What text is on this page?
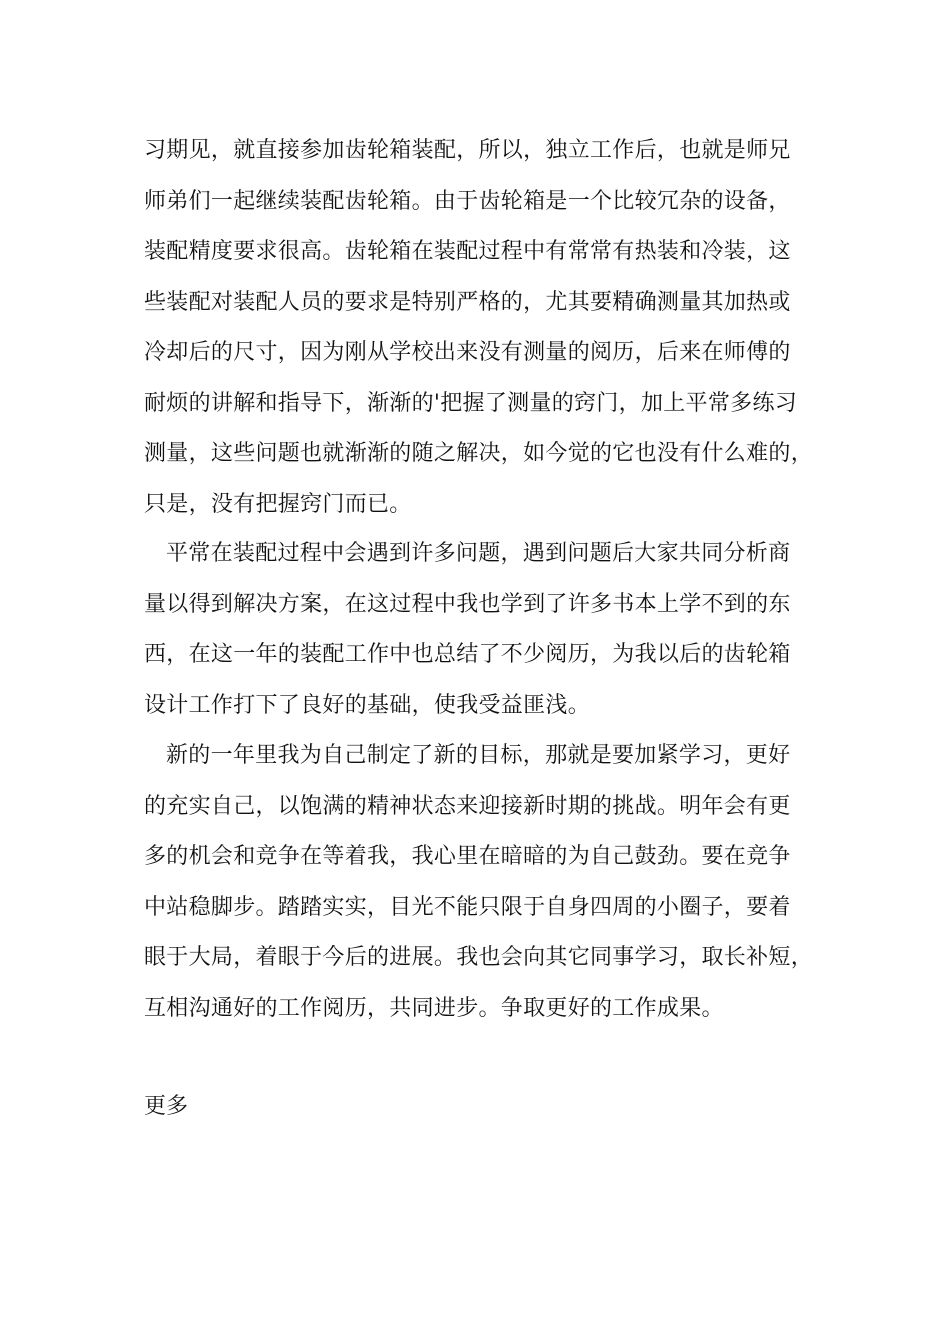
习期见，就直接参加齿轮箱装配，所以，独立工作后，也就是师兄
师弟们一起继续装配齿轮箱。由于齿轮箱是一个比较冗杂的设备，
装配精度要求很高。齿轮箱在装配过程中有常常有热装和冷装，这
些装配对装配人员的要求是特别严格的，尤其要精确测量其加热或
冷却后的尺寸，因为刚从学校出来没有测量的阅历，后来在师傅的
耐烦的讲解和指导下，渐渐的'把握了测量的窍门，加上平常多练习
测量，这些问题也就渐渐的随之解决，如今觉的它也没有什么难的，
只是，没有把握窍门而已。
平常在装配过程中会遇到许多问题，遇到问题后大家共同分析商
量以得到解决方案，在这过程中我也学到了许多书本上学不到的东
西，在这一年的装配工作中也总结了不少阅历，为我以后的齿轮箱
设计工作打下了良好的基础，使我受益匪浅。
新的一年里我为自己制定了新的目标，那就是要加紧学习，更好
的充实自己，以饱满的精神状态来迎接新时期的挑战。明年会有更
多的机会和竞争在等着我，我心里在暗暗的为自己鼓劲。要在竞争
中站稳脚步。踏踏实实，目光不能只限于自身四周的小圈子，要着
眼于大局，着眼于今后的进展。我也会向其它同事学习，取长补短，
互相沟通好的工作阅历，共同进步。争取更好的工作成果。
更多
